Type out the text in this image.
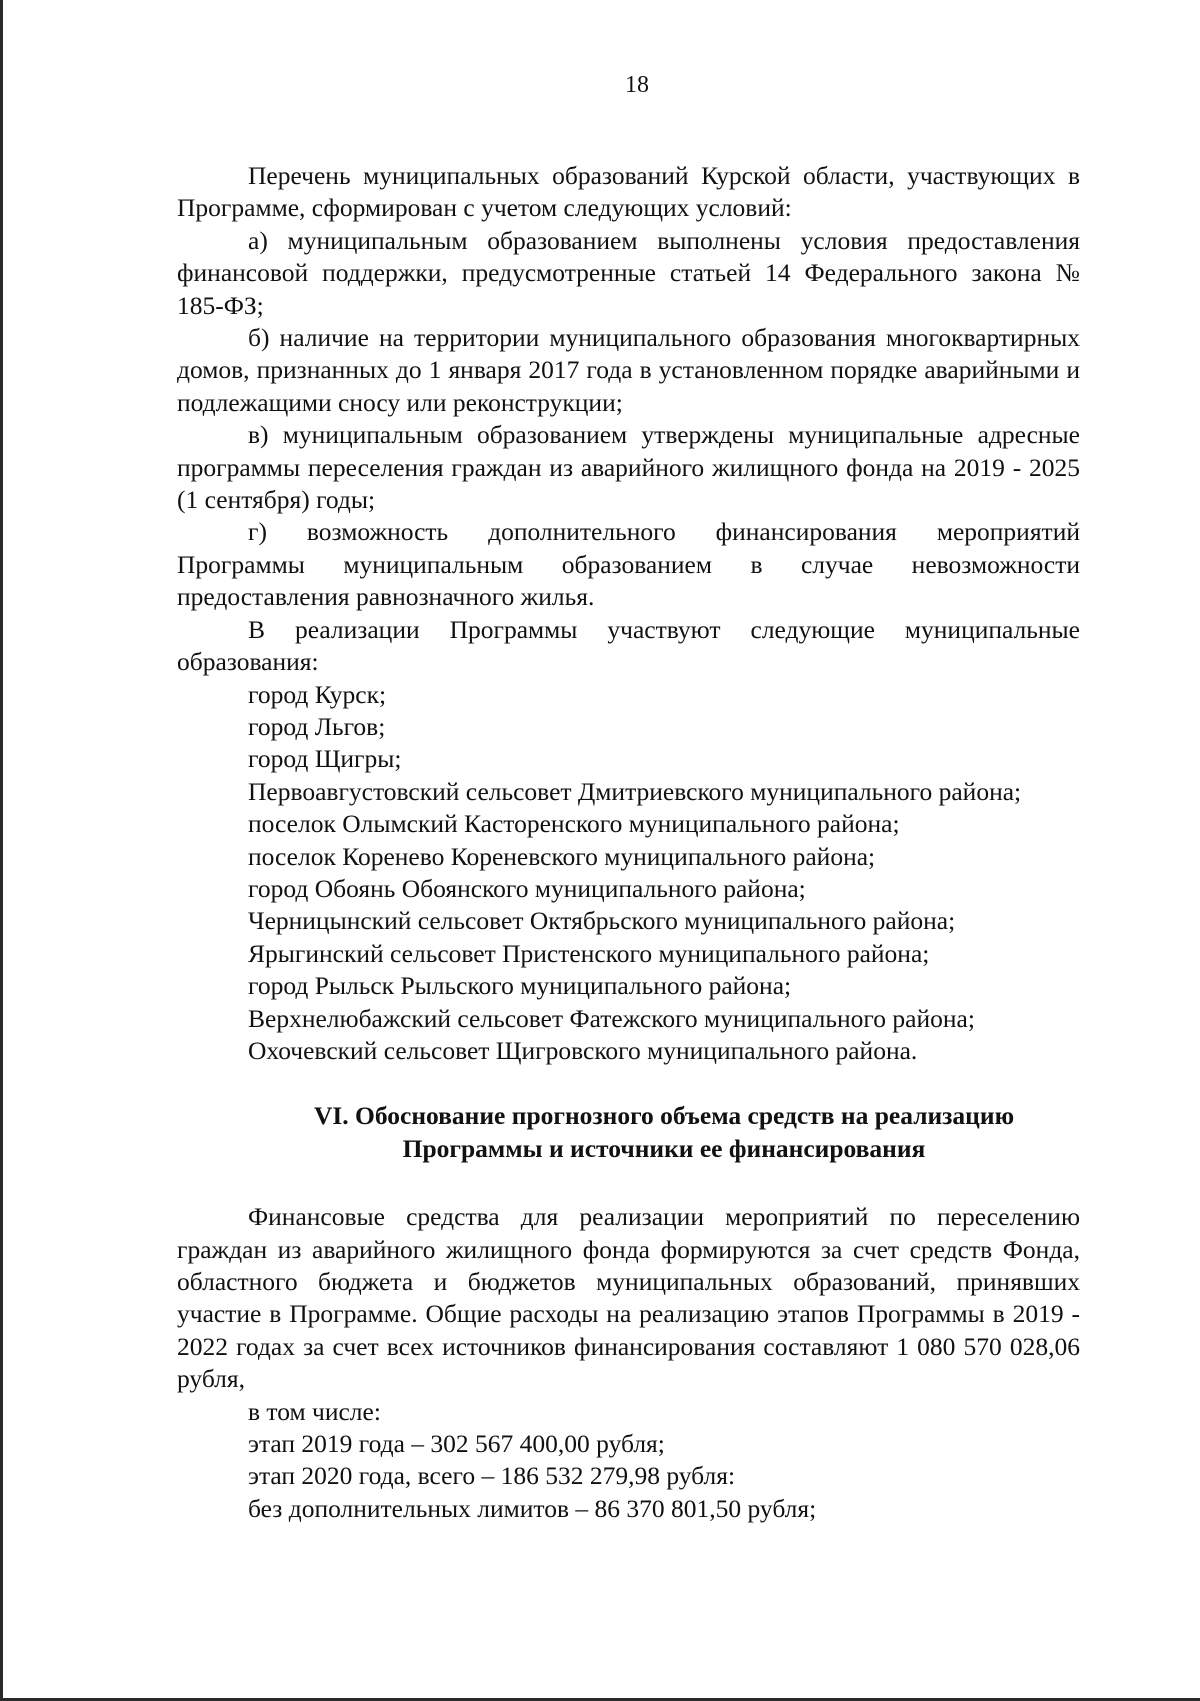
18

Перечень муниципальных образований Курской области, участвующих в Программе, сформирован с учетом следующих условий:

а) муниципальным образованием выполнены условия предоставления финансовой поддержки, предусмотренные статьей 14 Федерального закона № 185-ФЗ;

б) наличие на территории муниципального образования многоквартирных домов, признанных до 1 января 2017 года в установленном порядке аварийными и подлежащими сносу или реконструкции;

в) муниципальным образованием утверждены муниципальные адресные программы переселения граждан из аварийного жилищного фонда на 2019 - 2025 (1 сентября) годы;

г) возможность дополнительного финансирования мероприятий Программы муниципальным образованием в случае невозможности предоставления равнозначного жилья.

В реализации Программы участвуют следующие муниципальные образования:

город Курск;

город Льгов;

город Щигры;

Первоавгустовский сельсовет Дмитриевского муниципального района;

поселок Олымский Касторенского муниципального района;

поселок Коренево Кореневского муниципального района;

город Обоянь Обоянского муниципального района;

Черницынский сельсовет Октябрьского муниципального района;

Ярыгинский сельсовет Пристенского муниципального района;

город Рыльск Рыльского муниципального района;

Верхнелюбажский сельсовет Фатежского муниципального района;

Охочевский сельсовет Щигровского муниципального района.

VI. Обоснование прогнозного объема средств на реализацию

Программы и источники ее финансирования

Финансовые средства для реализации мероприятий по переселению граждан из аварийного жилищного фонда формируются за счет средств Фонда, областного бюджета и бюджетов муниципальных образований, принявших участие в Программе. Общие расходы на реализацию этапов Программы в 2019 - 2022 годах за счет всех источников финансирования составляют 1 080 570 028,06 рубля,

в том числе:

этап 2019 года – 302 567 400,00 рубля;

этап 2020 года, всего – 186 532 279,98 рубля:

без дополнительных лимитов – 86 370 801,50 рубля;
